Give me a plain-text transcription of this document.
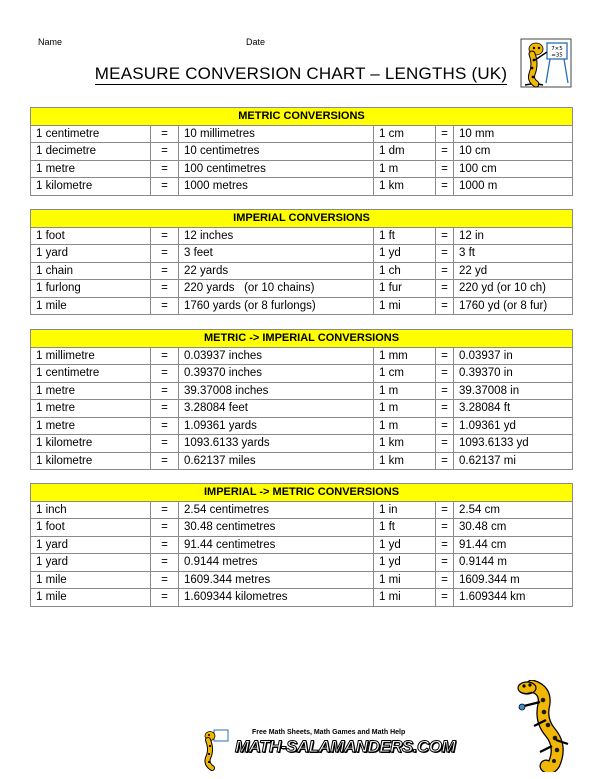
Name	Date
MEASURE CONVERSION CHART – LENGTHS (UK)
7×5
=35
METRIC CONVERSIONS					
1 centimetre	=	10 millimetres	1 cm	=	10 mm
1 decimetre	=	10 centimetres	1 dm	=	10 cm
1 metre	=	100 centimetres	1 m	=	100 cm
1 kilometre	=	1000 metres	1 km	=	1000 m
IMPERIAL CONVERSIONS					
1 foot	=	12 inches	1 ft	=	12 in
1 yard	=	3 feet	1 yd	=	3 ft
1 chain	=	22 yards	1 ch	=	22 yd
1 furlong	=	220 yards   (or 10 chains)	1 fur	=	220 yd (or 10 ch)
1 mile	=	1760 yards (or 8 furlongs)	1 mi	=	1760 yd (or 8 fur)
METRIC -> IMPERIAL CONVERSIONS					
1 millimetre	=	0.03937 inches	1 mm	=	0.03937 in
1 centimetre	=	0.39370 inches	1 cm	=	0.39370 in
1 metre	=	39.37008 inches	1 m	=	39.37008 in
1 metre	=	3.28084 feet	1 m	=	3.28084 ft
1 metre	=	1.09361 yards	1 m	=	1.09361 yd
1 kilometre	=	1093.6133 yards	1 km	=	1093.6133 yd
1 kilometre	=	0.62137 miles	1 km	=	0.62137 mi
IMPERIAL -> METRIC CONVERSIONS					
1 inch	=	2.54 centimetres	1 in	=	2.54 cm
1 foot	=	30.48 centimetres	1 ft	=	30.48 cm
1 yard	=	91.44 centimetres	1 yd	=	91.44 cm
1 yard	=	0.9144 metres	1 yd	=	0.9144 m
1 mile	=	1609.344 metres	1 mi	=	1609.344 m
1 mile	=	1.609344 kilometres	1 mi	=	1.609344 km
Free Math Sheets, Math Games and Math Help
MATH-SALAMANDERS.COM
